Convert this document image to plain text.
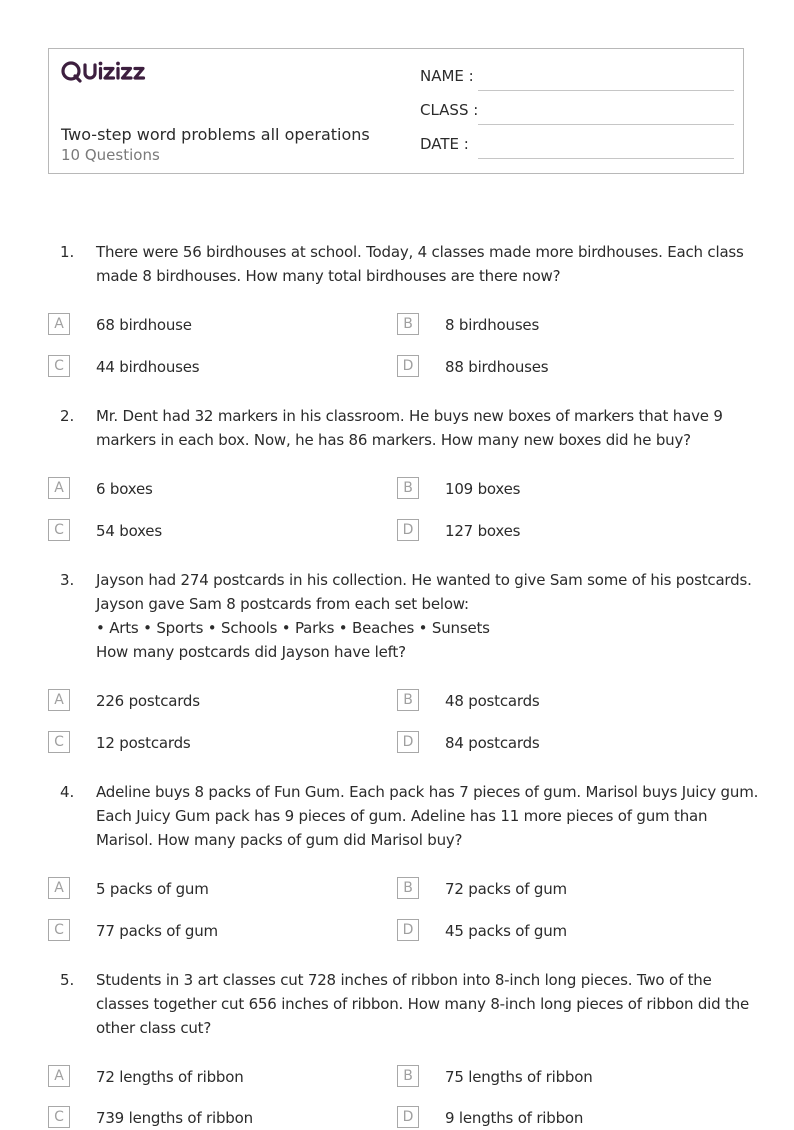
Two-step word problems all operations
10 Questions
NAME :
CLASS :
DATE :
1. There were 56 birdhouses at school. Today, 4 classes made more birdhouses. Each class
made 8 birdhouses. How many total birdhouses are there now?

A	68 birdhouse	B	8 birdhouses
C	44 birdhouses	D	88 birdhouses
2. Mr. Dent had 32 markers in his classroom. He buys new boxes of markers that have 9
markers in each box. Now, he has 86 markers. How many new boxes did he buy?

A	6 boxes	B	109 boxes
C	54 boxes	D	127 boxes
3. Jayson had 274 postcards in his collection. He wanted to give Sam some of his postcards.
Jayson gave Sam 8 postcards from each set below:
• Arts • Sports • Schools • Parks • Beaches • Sunsets
How many postcards did Jayson have left?

A	226 postcards	B	48 postcards
C	12 postcards	D	84 postcards
4. Adeline buys 8 packs of Fun Gum. Each pack has 7 pieces of gum. Marisol buys Juicy gum.
Each Juicy Gum pack has 9 pieces of gum. Adeline has 11 more pieces of gum than
Marisol. How many packs of gum did Marisol buy?

A	5 packs of gum	B	72 packs of gum
C	77 packs of gum	D	45 packs of gum
5. Students in 3 art classes cut 728 inches of ribbon into 8-inch long pieces. Two of the
classes together cut 656 inches of ribbon. How many 8-inch long pieces of ribbon did the
other class cut?

A	72 lengths of ribbon	B	75 lengths of ribbon
C	739 lengths of ribbon	D	9 lengths of ribbon
